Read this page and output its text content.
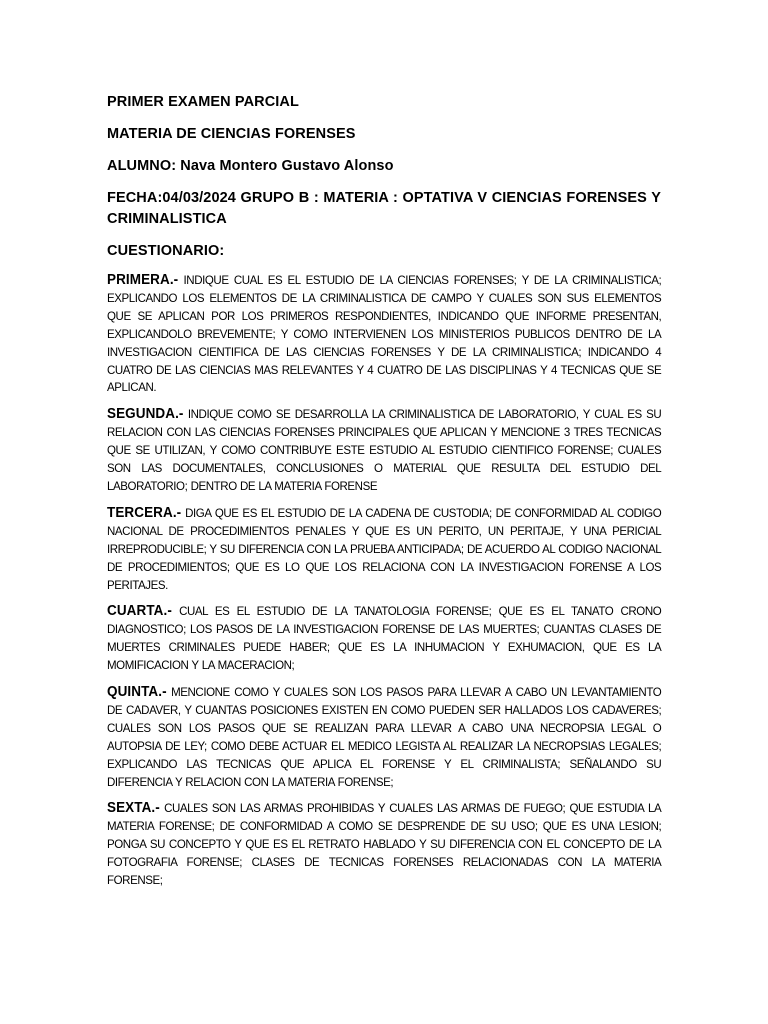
PRIMER EXAMEN PARCIAL

MATERIA DE CIENCIAS FORENSES

ALUMNO: Nava Montero Gustavo Alonso

FECHA:04/03/2024 GRUPO B : MATERIA : OPTATIVA V CIENCIAS FORENSES Y CRIMINALISTICA

CUESTIONARIO:

PRIMERA.- INDIQUE CUAL ES EL ESTUDIO DE LA CIENCIAS FORENSES; Y DE LA CRIMINALISTICA; EXPLICANDO LOS ELEMENTOS DE LA CRIMINALISTICA DE CAMPO Y CUALES SON SUS ELEMENTOS QUE SE APLICAN POR LOS PRIMEROS RESPONDIENTES, INDICANDO QUE INFORME PRESENTAN, EXPLICANDOLO BREVEMENTE; Y COMO INTERVIENEN LOS MINISTERIOS PUBLICOS DENTRO DE LA INVESTIGACION CIENTIFICA DE LAS CIENCIAS FORENSES Y DE LA CRIMINALISTICA; INDICANDO 4 CUATRO DE LAS CIENCIAS MAS RELEVANTES Y 4 CUATRO DE LAS DISCIPLINAS Y 4 TECNICAS QUE SE APLICAN.

SEGUNDA.- INDIQUE COMO SE DESARROLLA LA CRIMINALISTICA DE LABORATORIO, Y CUAL ES SU RELACION CON LAS CIENCIAS FORENSES PRINCIPALES QUE APLICAN Y MENCIONE 3 TRES TECNICAS QUE SE UTILIZAN, Y COMO CONTRIBUYE ESTE ESTUDIO AL ESTUDIO CIENTIFICO FORENSE; CUALES SON LAS DOCUMENTALES, CONCLUSIONES O MATERIAL QUE RESULTA DEL ESTUDIO DEL LABORATORIO; DENTRO DE LA MATERIA FORENSE

TERCERA.- DIGA QUE ES EL ESTUDIO DE LA CADENA DE CUSTODIA; DE CONFORMIDAD AL CODIGO NACIONAL DE PROCEDIMIENTOS PENALES Y QUE ES UN PERITO, UN PERITAJE, Y UNA PERICIAL IRREPRODUCIBLE; Y SU DIFERENCIA CON LA PRUEBA ANTICIPADA; DE ACUERDO AL CODIGO NACIONAL DE PROCEDIMIENTOS; QUE ES LO QUE LOS RELACIONA CON LA INVESTIGACION FORENSE A LOS PERITAJES.

CUARTA.- CUAL ES EL ESTUDIO DE LA TANATOLOGIA FORENSE; QUE ES EL TANATO CRONO DIAGNOSTICO; LOS PASOS DE LA INVESTIGACION FORENSE DE LAS MUERTES; CUANTAS CLASES DE MUERTES CRIMINALES PUEDE HABER; QUE ES LA INHUMACION Y EXHUMACION, QUE ES LA MOMIFICACION Y LA MACERACION;

QUINTA.- MENCIONE COMO Y CUALES SON LOS PASOS PARA LLEVAR A CABO UN LEVANTAMIENTO DE CADAVER, Y CUANTAS POSICIONES EXISTEN EN COMO PUEDEN SER HALLADOS LOS CADAVERES; CUALES SON LOS PASOS QUE SE REALIZAN PARA LLEVAR A CABO UNA NECROPSIA LEGAL O AUTOPSIA DE LEY; COMO DEBE ACTUAR EL MEDICO LEGISTA AL REALIZAR LA NECROPSIAS LEGALES; EXPLICANDO LAS TECNICAS QUE APLICA EL FORENSE Y EL CRIMINALISTA; SEÑALANDO SU DIFERENCIA Y RELACION CON LA MATERIA FORENSE;

SEXTA.- CUALES SON LAS ARMAS PROHIBIDAS Y CUALES LAS ARMAS DE FUEGO; QUE ESTUDIA LA MATERIA FORENSE; DE CONFORMIDAD A COMO SE DESPRENDE DE SU USO; QUE ES UNA LESION; PONGA SU CONCEPTO Y QUE ES EL RETRATO HABLADO Y SU DIFERENCIA CON EL CONCEPTO DE LA FOTOGRAFIA FORENSE; CLASES DE TECNICAS FORENSES RELACIONADAS CON LA MATERIA FORENSE;
